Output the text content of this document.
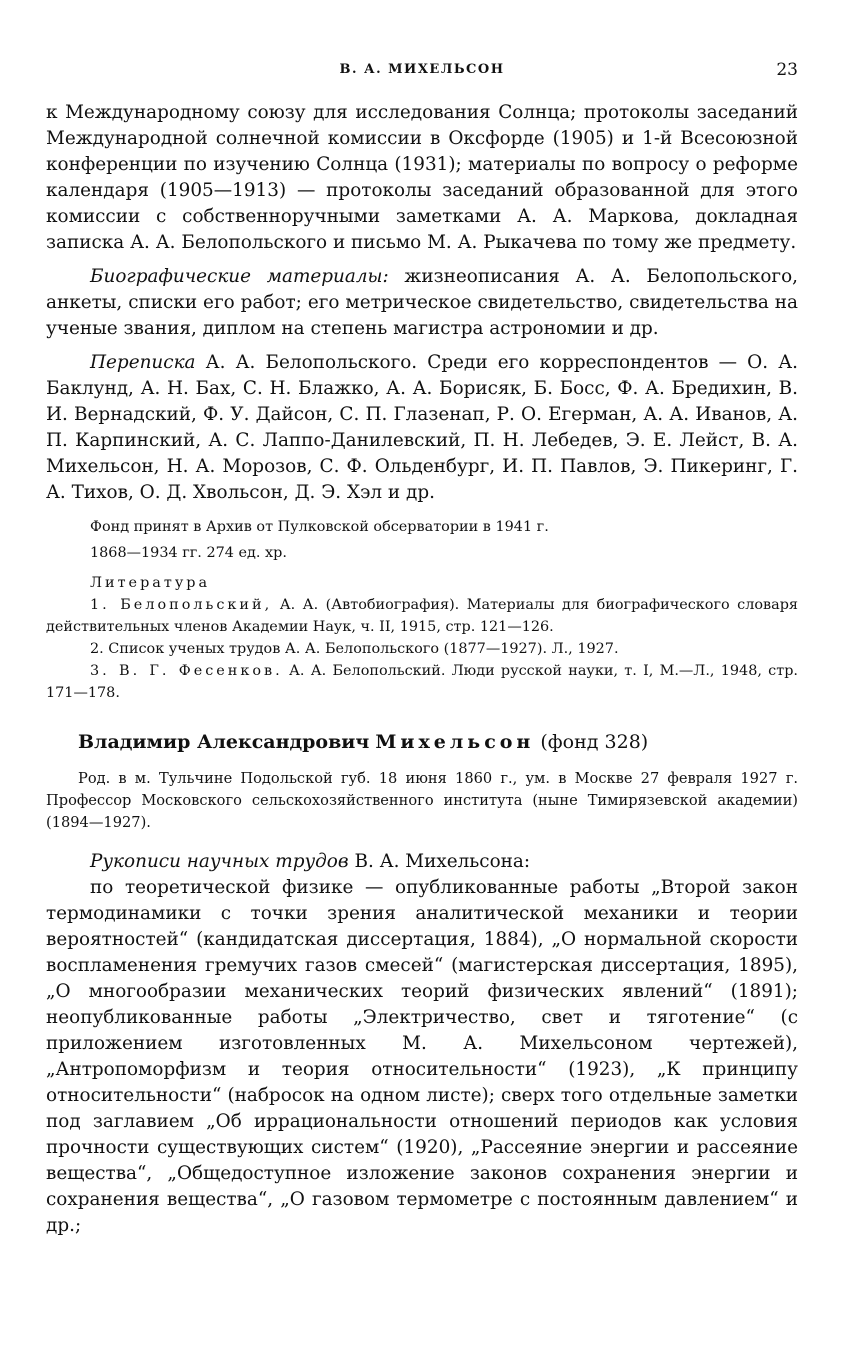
В. А. МИХЕЛЬСОН	23

к Международному союзу для исследования Солнца; протоколы заседаний Международной солнечной комиссии в Оксфорде (1905) и 1-й Всесоюзной конференции по изучению Солнца (1931); материалы по вопросу о реформе календаря (1905—1913) — протоколы заседаний образованной для этого комиссии с собственноручными заметками А. А. Маркова, докладная записка А. А. Белопольского и письмо М. А. Рыкачева по тому же предмету.

Биографические материалы: жизнеописания А. А. Белопольского, анкеты, списки его работ; его метрическое свидетельство, свидетельства на ученые звания, диплом на степень магистра астрономии и др.

Переписка А. А. Белопольского. Среди его корреспондентов — О. А. Баклунд, А. Н. Бах, С. Н. Блажко, А. А. Борисяк, Б. Босс, Ф. А. Бредихин, В. И. Вернадский, Ф. У. Дайсон, С. П. Глазенап, Р. О. Егерман, А. А. Иванов, А. П. Карпинский, А. С. Лаппо-Данилевский, П. Н. Лебедев, Э. Е. Лейст, В. А. Михельсон, Н. А. Морозов, С. Ф. Ольденбург, И. П. Павлов, Э. Пикеринг, Г. А. Тихов, О. Д. Хвольсон, Д. Э. Хэл и др.

Фонд принят в Архив от Пулковской обсерватории в 1941 г.

1868—1934 гг. 274 ед. хр.

Литература

1. Белопольский, А. А. (Автобиография). Материалы для биографического словаря действительных членов Академии Наук, ч. II, 1915, стр. 121—126.

2. Список ученых трудов А. А. Белопольского (1877—1927). Л., 1927.

3. В. Г. Фесенков. А. А. Белопольский. Люди русской науки, т. I, М.—Л., 1948, стр. 171—178.

Владимир Александрович Михельсон (фонд 328)

Род. в м. Тульчине Подольской губ. 18 июня 1860 г., ум. в Москве 27 февраля 1927 г. Профессор Московского сельскохозяйственного института (ныне Тимирязевской академии) (1894—1927).

Рукописи научных трудов В. А. Михельсона:

по теоретической физике — опубликованные работы „Второй закон термодинамики с точки зрения аналитической механики и теории вероятностей“ (кандидатская диссертация, 1884), „О нормальной скорости воспламенения гремучих газов смесей“ (магистерская диссертация, 1895), „О многообразии механических теорий физических явлений“ (1891); неопубликованные работы „Электричество, свет и тяготение“ (с приложением изготовленных М. А. Михельсоном чертежей), „Антропоморфизм и теория относительности“ (1923), „К принципу относительности“ (набросок на одном листе); сверх того отдельные заметки под заглавием „Об иррациональности отношений периодов как условия прочности существующих систем“ (1920), „Рассеяние энергии и рассеяние вещества“, „Общедоступное изложение законов сохранения энергии и сохранения вещества“, „О газовом термометре с постоянным давлением“ и др.;
